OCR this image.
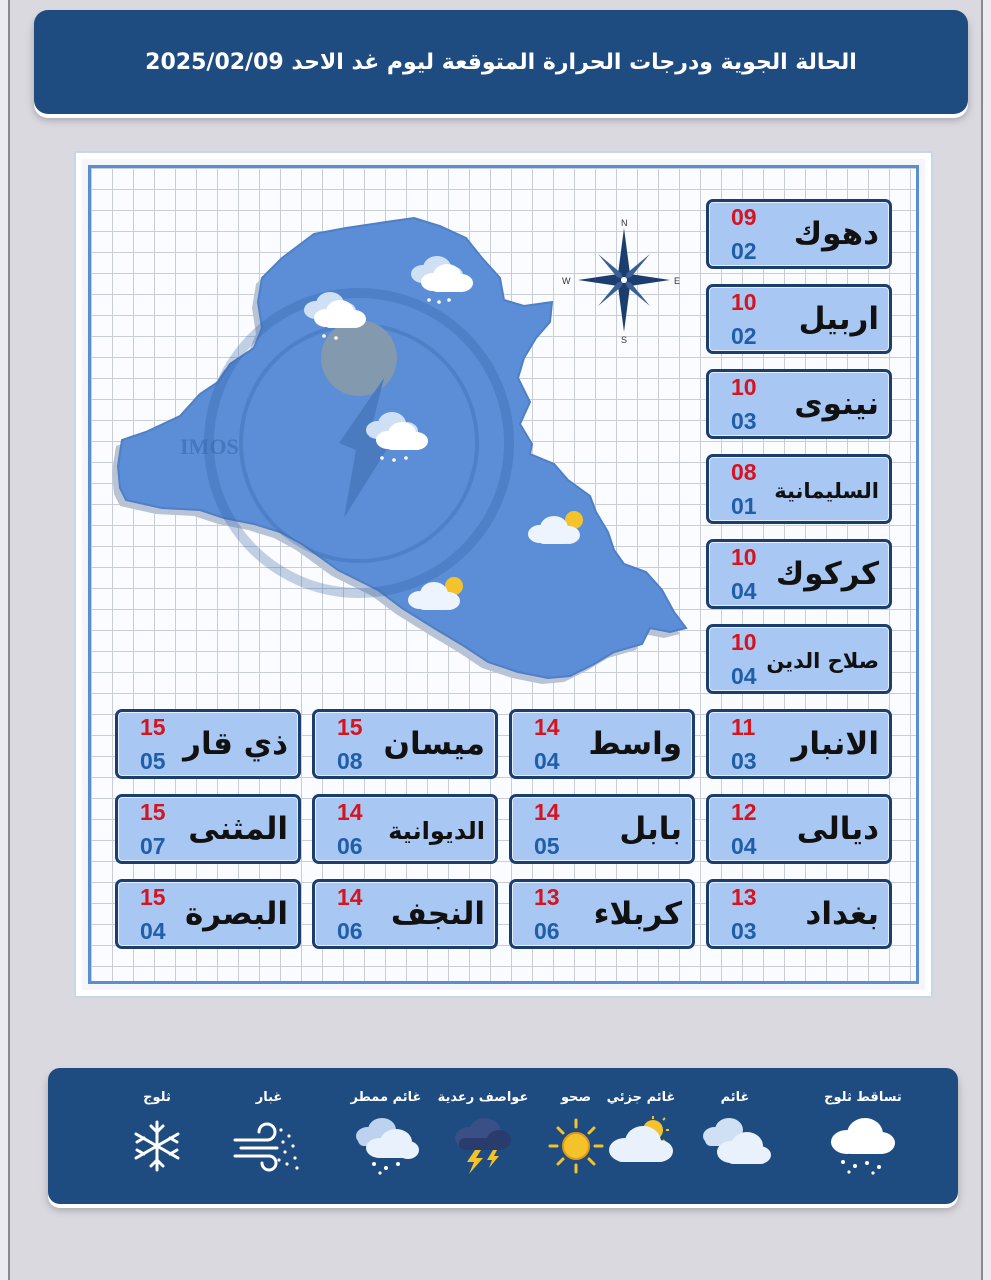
الحالة الجوية ودرجات الحرارة المتوقعة ليوم غد الاحد 2025/02/09
IMOS
N
S
E
W
09
02 دهوك
10
02 اربيل
10
03 نينوى
08
01
السليمانية
10
04 كركوك
10
04
صلاح الدين
11
03 الانبار
14
04 واسط
15
08 ميسان
15
05 ذي قار
12
04 ديالى
14
05 بابل
14
06
الديوانية
15
07 المثنى
13
03 بغداد
13
06 كربلاء
14
06 النجف
15
04 البصرة
تساقط ثلوج
غائم
غائم جزئي
صحو
عواصف رعدية
غائم ممطر
غبار
ثلوج
